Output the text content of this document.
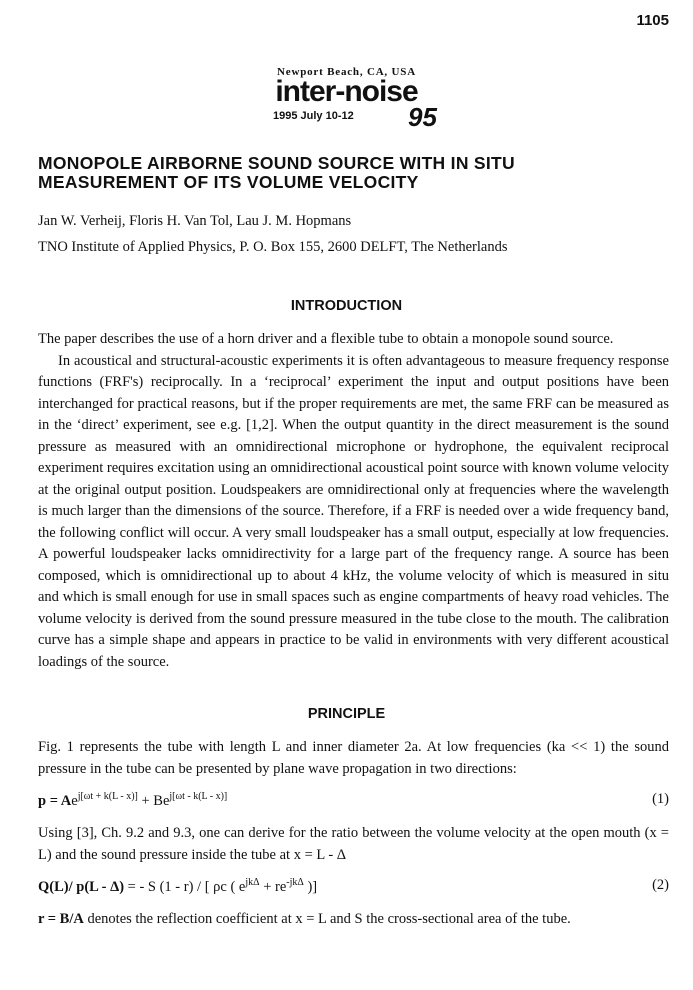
1105
Newport Beach, CA, USA
inter-noise
1995 July 10-12 95
MONOPOLE AIRBORNE SOUND SOURCE WITH IN SITU
MEASUREMENT OF ITS VOLUME VELOCITY
Jan W. Verheij, Floris H. Van Tol, Lau J. M. Hopmans
TNO Institute of Applied Physics, P. O. Box 155, 2600 DELFT, The Netherlands
INTRODUCTION

The paper describes the use of a horn driver and a flexible tube to obtain a monopole sound source.

In acoustical and structural-acoustic experiments it is often advantageous to measure frequency response functions (FRF's) reciprocally. In a ‘reciprocal’ experiment the input and output positions have been interchanged for practical reasons, but if the proper requirements are met, the same FRF can be measured as in the ‘direct’ experiment, see e.g. [1,2]. When the output quantity in the direct measurement is the sound pressure as measured with an omnidirectional microphone or hydrophone, the equivalent reciprocal experiment requires excitation using an omnidirectional acoustical point source with known volume velocity at the original output position. Loudspeakers are omnidirectional only at frequencies where the wavelength is much larger than the dimensions of the source. Therefore, if a FRF is needed over a wide frequency band, the following conflict will occur. A very small loudspeaker has a small output, especially at low frequencies. A powerful loudspeaker lacks omnidirectivity for a large part of the frequency range. A source has been composed, which is omnidirectional up to about 4 kHz, the volume velocity of which is measured in situ and which is small enough for use in small spaces such as engine compartments of heavy road vehicles. The volume velocity is derived from the sound pressure measured in the tube close to the mouth. The calibration curve has a simple shape and appears in practice to be valid in environments with very different acoustical loadings of the source.

PRINCIPLE
Fig. 1 represents the tube with length L and inner diameter 2a. At low frequencies (ka << 1) the sound pressure in the tube can be presented by plane wave propagation in two directions:
$p = Ae^{j[\omega t + k(L - x)]} + Be^{j[\omega t - k(L - x)]}$	(1)
Using [3], Ch. 9.2 and 9.3, one can derive for the ratio between the volume velocity at the open mouth (x = L) and the sound pressure inside the tube at x = L - Δ
Q(L)/ p(L - Δ) = - S (1 - r) / [ ρc ( $e^{jk\Delta} + re^{-jk\Delta}$ )]	(2)
r = B/A denotes the reflection coefficient at x = L and S the cross-sectional area of the tube.
